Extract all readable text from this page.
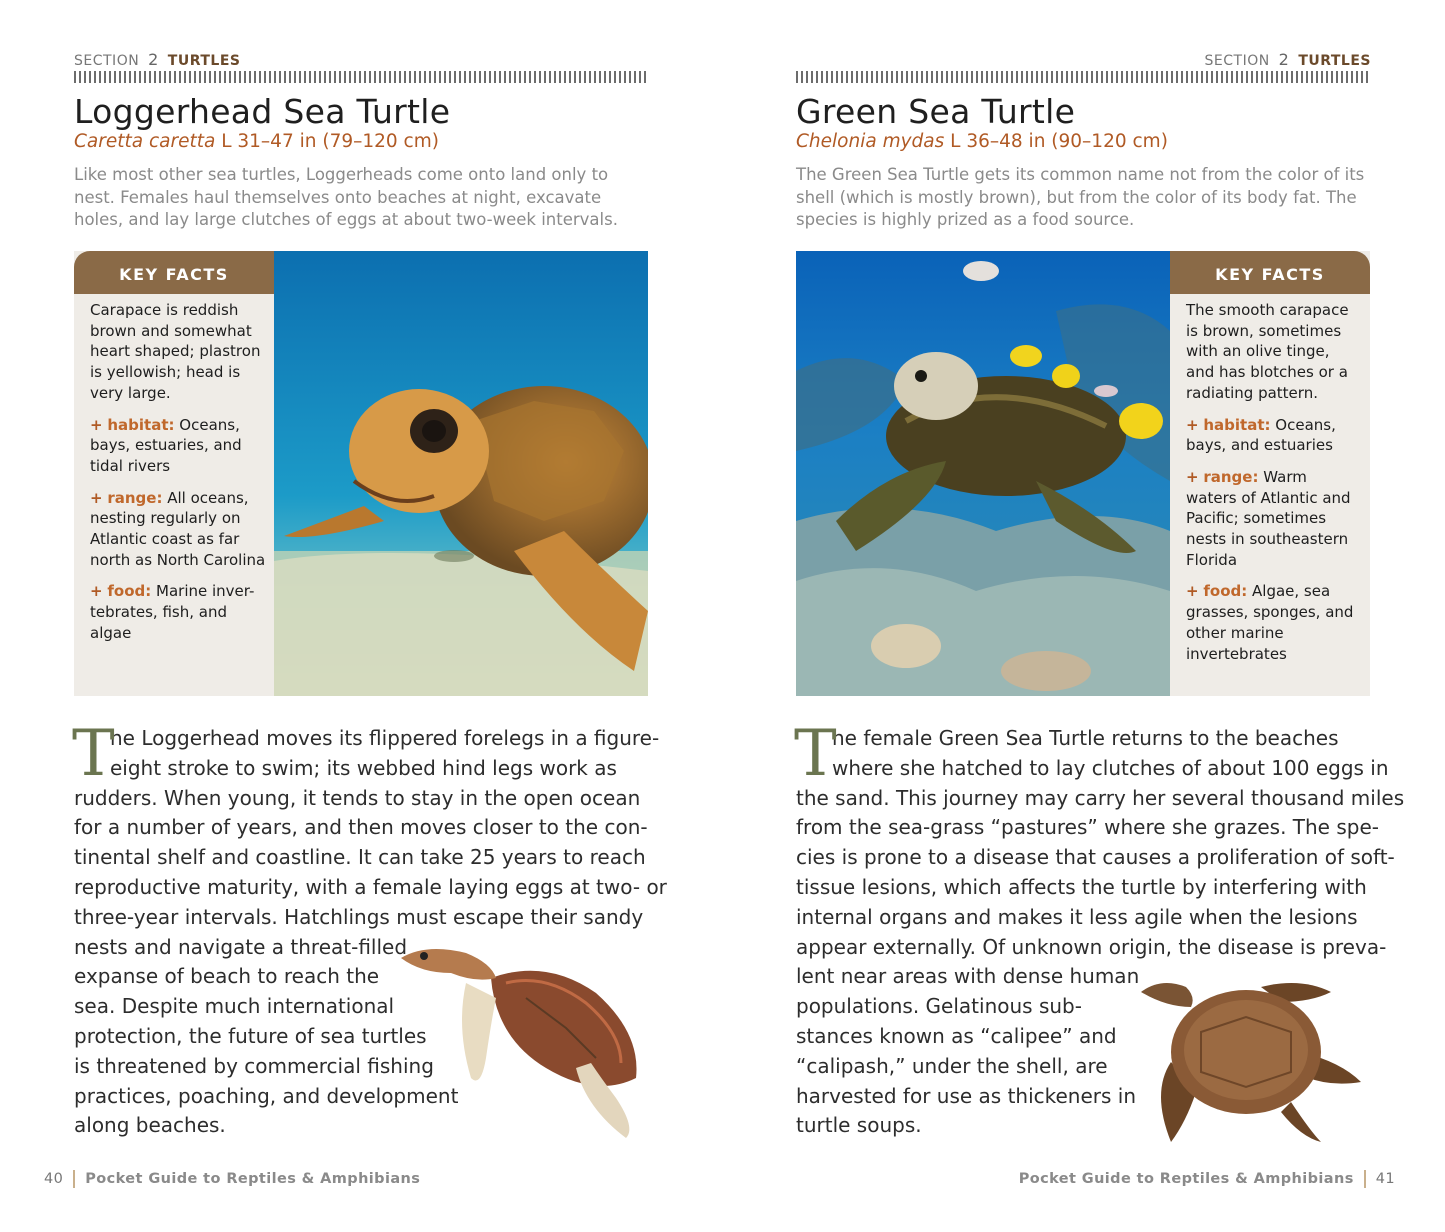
SECTION 2 TURTLES
Loggerhead Sea Turtle
Caretta caretta L 31–47 in (79–120 cm)

Like most other sea turtles, Loggerheads come onto land only to nest. Females haul themselves onto beaches at night, excavate holes, and lay large clutches of eggs at about two-week intervals.

KEY FACTS

Carapace is reddish brown and somewhat heart shaped; plastron is yellowish; head is very large.

+ habitat: Oceans, bays, estuaries, and tidal rivers

+ range: All oceans, nesting regularly on Atlantic coast as far north as North Carolina

+ food: Marine inver-tebrates, fish, and algae

T
he Loggerhead moves its flippered forelegs in a figure-
eight stroke to swim; its webbed hind legs work as
rudders. When young, it tends to stay in the open ocean
for a number of years, and then moves closer to the con-
tinental shelf and coastline. It can take 25 years to reach
reproductive maturity, with a female laying eggs at two- or
three-year intervals. Hatchlings must escape their sandy
nests and navigate a threat-filled
expanse of beach to reach the
sea. Despite much international
protection, the future of sea turtles
is threatened by commercial fishing
practices, poaching, and development
along beaches.
40 Pocket Guide to Reptiles & Amphibians
SECTION 2 TURTLES
Green Sea Turtle
Chelonia mydas L 36–48 in (90–120 cm)

The Green Sea Turtle gets its common name not from the color of its shell (which is mostly brown), but from the color of its body fat. The species is highly prized as a food source.

KEY FACTS

The smooth carapace is brown, sometimes with an olive tinge, and has blotches or a radiating pattern.

+ habitat: Oceans, bays, and estuaries

+ range: Warm waters of Atlantic and Pacific; sometimes nests in southeastern Florida

+ food: Algae, sea grasses, sponges, and other marine invertebrates

T
he female Green Sea Turtle returns to the beaches
where she hatched to lay clutches of about 100 eggs in
the sand. This journey may carry her several thousand miles
from the sea-grass “pastures” where she grazes. The spe-
cies is prone to a disease that causes a proliferation of soft-
tissue lesions, which affects the turtle by interfering with
internal organs and makes it less agile when the lesions
appear externally. Of unknown origin, the disease is preva-
lent near areas with dense human
populations. Gelatinous sub-
stances known as “calipee” and
“calipash,” under the shell, are
harvested for use as thickeners in
turtle soups.
Pocket Guide to Reptiles & Amphibians 41
